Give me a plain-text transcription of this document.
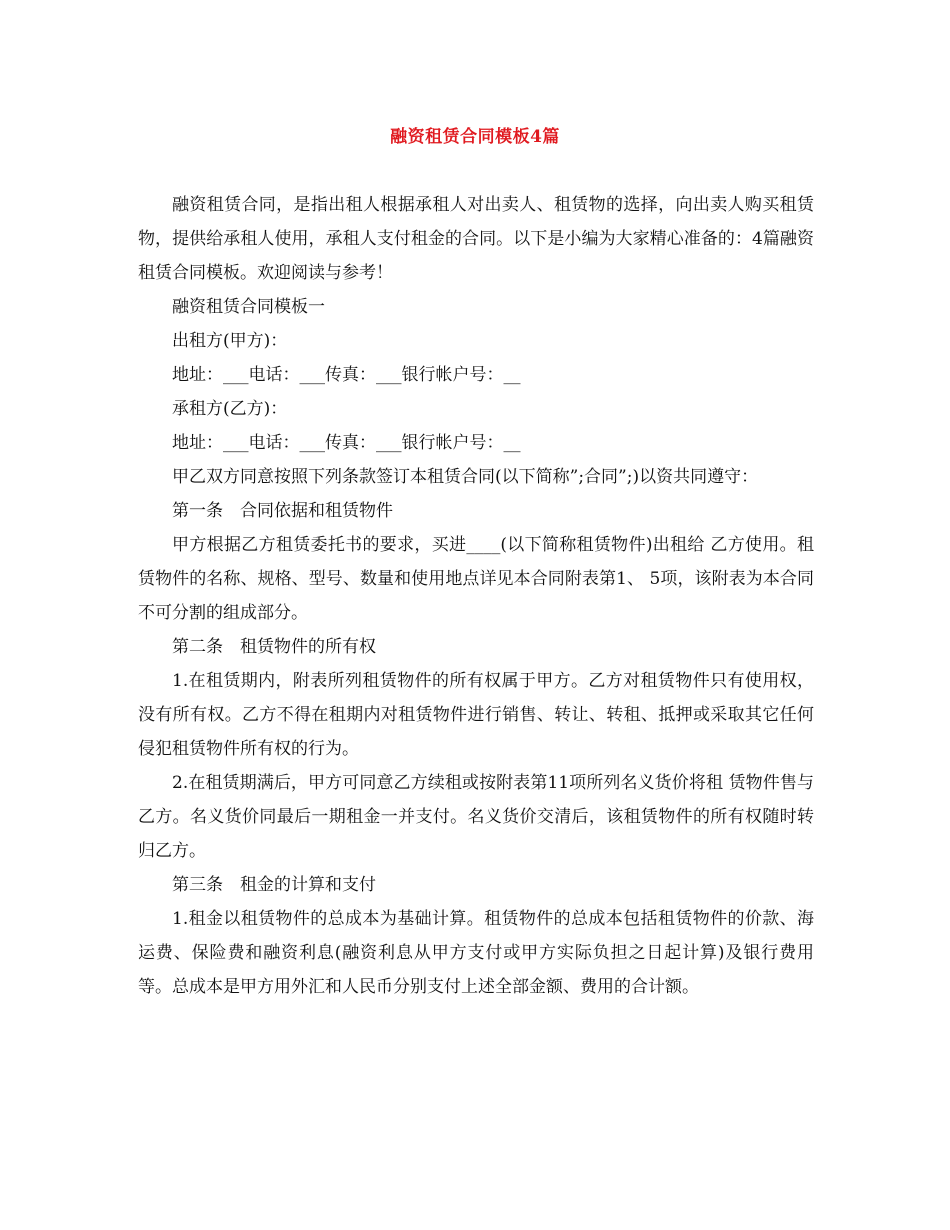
融资租赁合同模板4篇

融资租赁合同，是指出租人根据承租人对出卖人、租赁物的选择，向出卖人购买租赁物，提供给承租人使用，承租人支付租金的合同。以下是小编为大家精心准备的：4篇融资租赁合同模板。欢迎阅读与参考！

融资租赁合同模板一

出租方(甲方)：

地址：___电话：___传真：___银行帐户号：__

承租方(乙方)：

地址：___电话：___传真：___银行帐户号：__

甲乙双方同意按照下列条款签订本租赁合同(以下简称”;合同”;)以资共同遵守：

第一条　合同依据和租赁物件

甲方根据乙方租赁委托书的要求，买进____(以下简称租赁物件)出租给 乙方使用。租赁物件的名称、规格、型号、数量和使用地点详见本合同附表第1、 5项，该附表为本合同不可分割的组成部分。

第二条　租赁物件的所有权

1.在租赁期内，附表所列租赁物件的所有权属于甲方。乙方对租赁物件只有使用权，没有所有权。乙方不得在租期内对租赁物件进行销售、转让、转租、抵押或采取其它任何侵犯租赁物件所有权的行为。

2.在租赁期满后，甲方可同意乙方续租或按附表第11项所列名义货价将租 赁物件售与乙方。名义货价同最后一期租金一并支付。名义货价交清后，该租赁物件的所有权随时转归乙方。

第三条　租金的计算和支付

1.租金以租赁物件的总成本为基础计算。租赁物件的总成本包括租赁物件的价款、海运费、保险费和融资利息(融资利息从甲方支付或甲方实际负担之日起计算)及银行费用等。总成本是甲方用外汇和人民币分别支付上述全部金额、费用的合计额。
